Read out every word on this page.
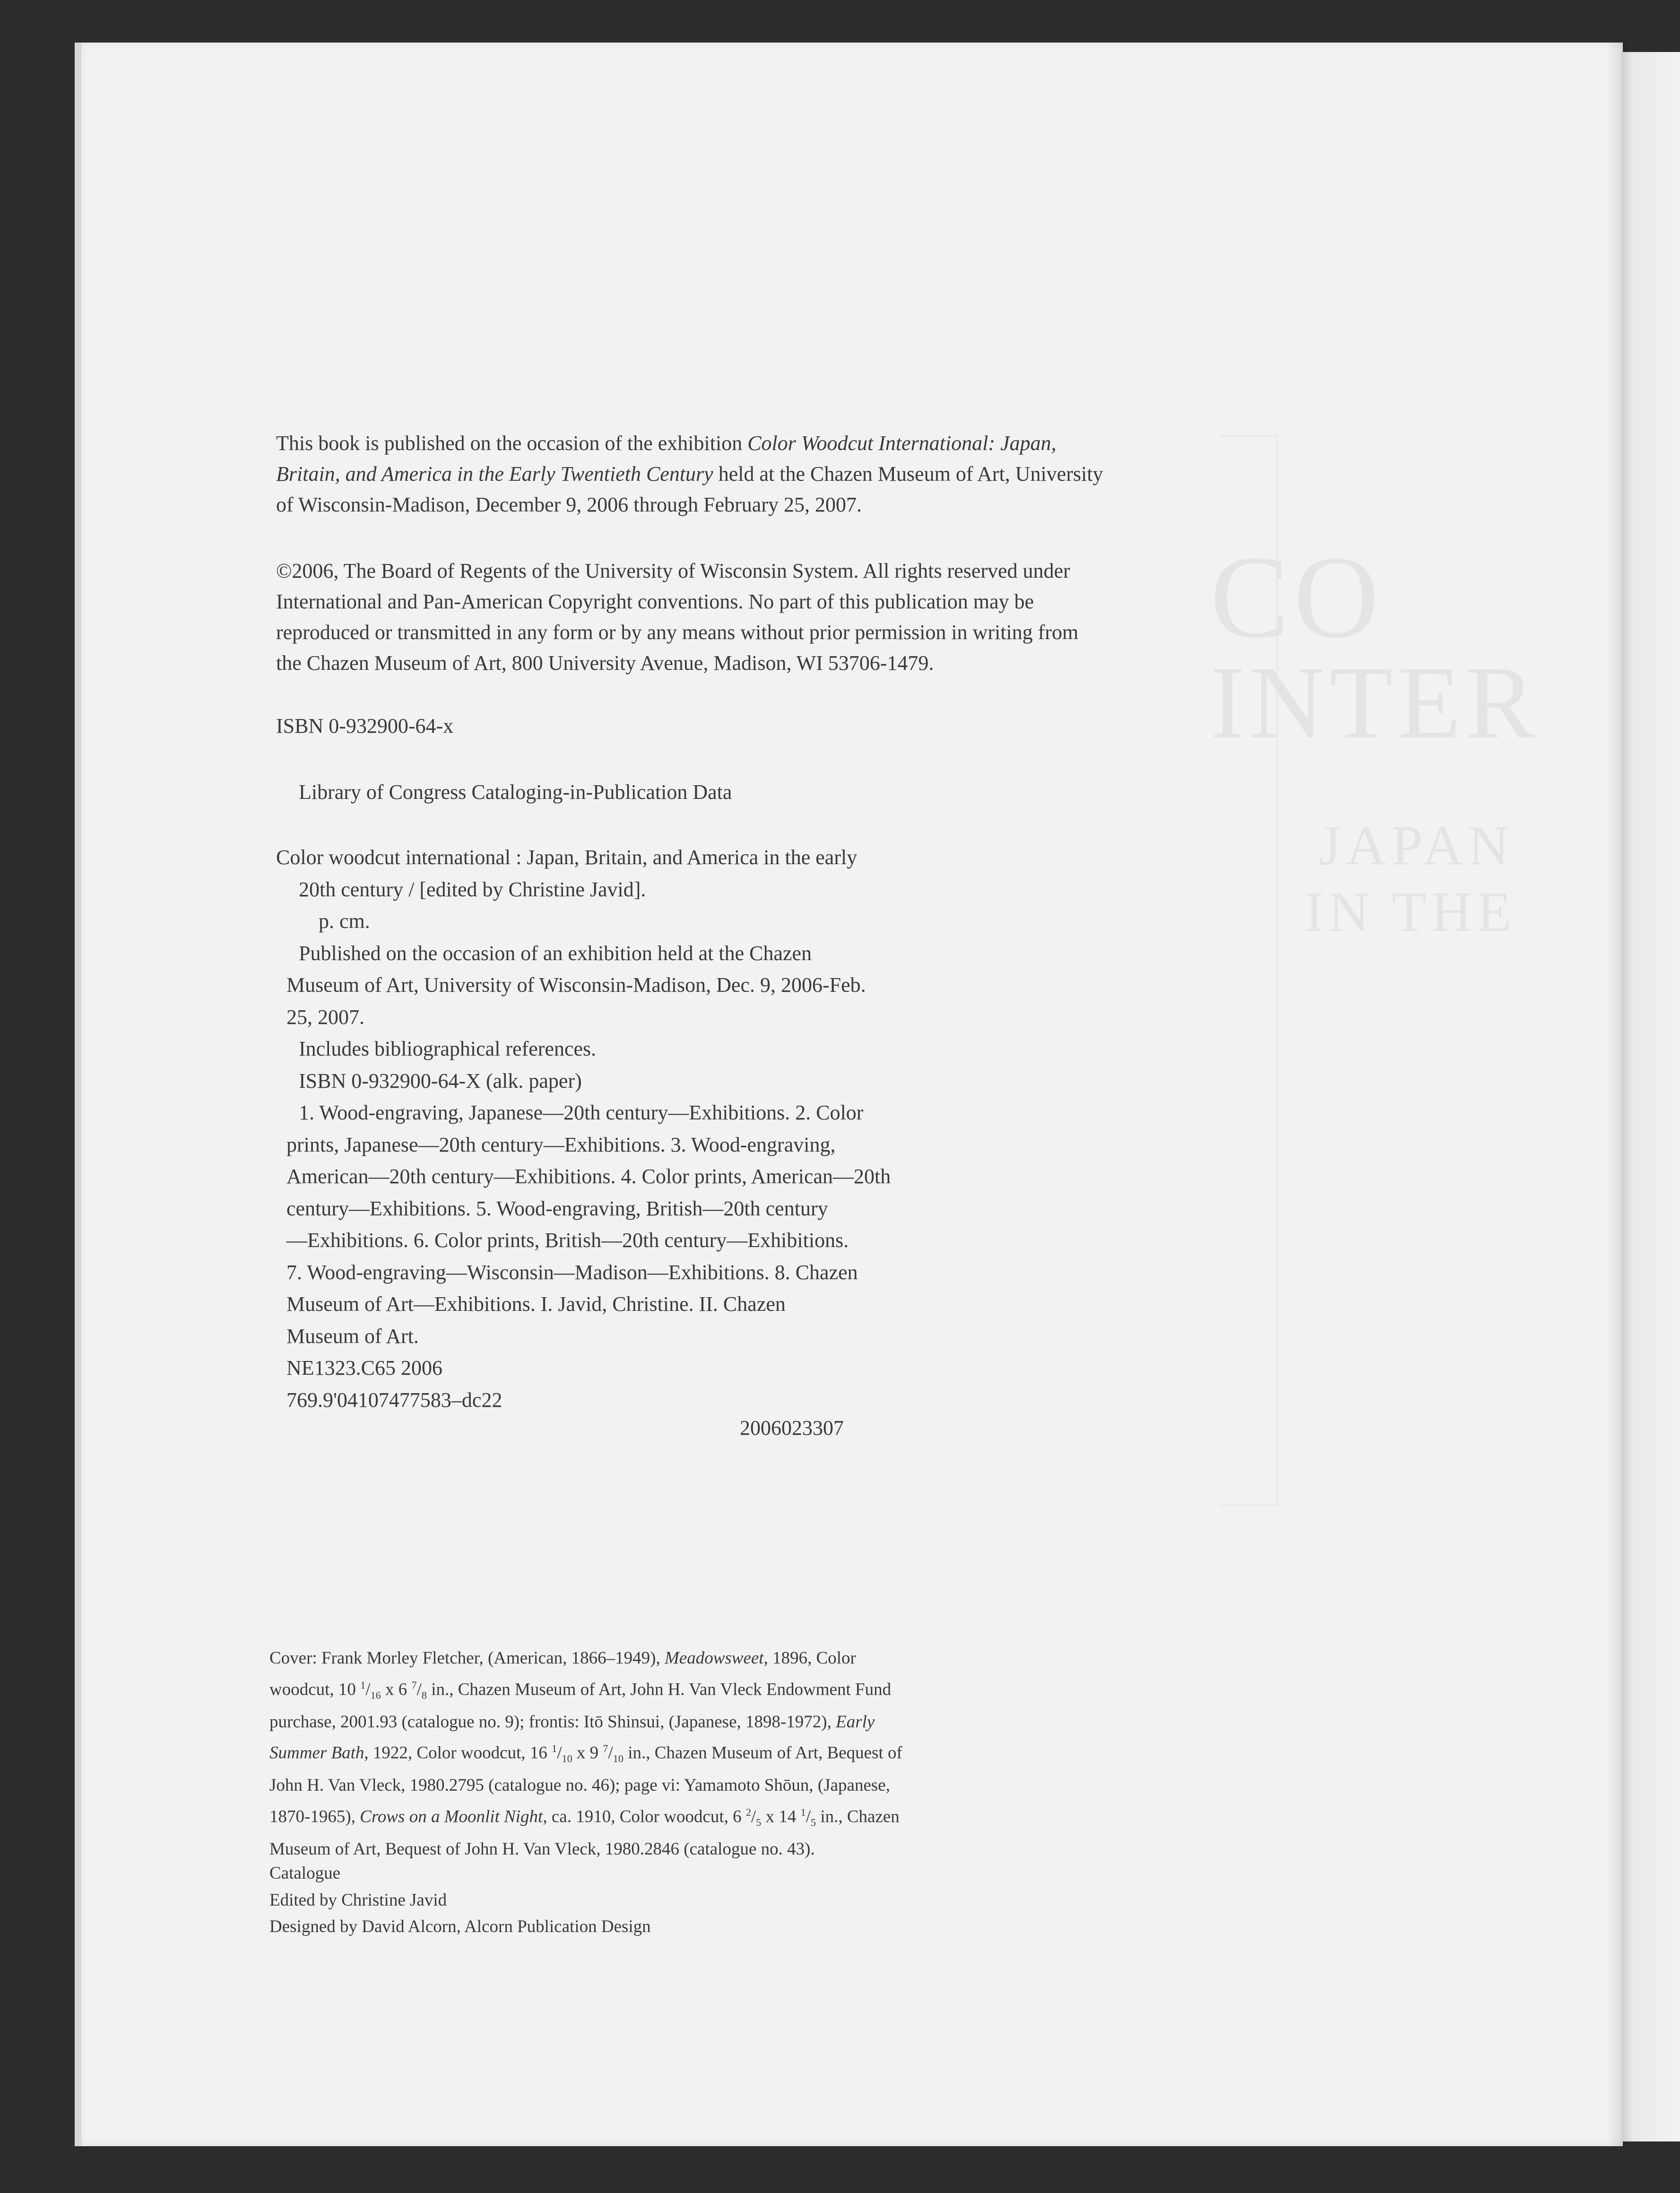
CO
INTER
JAPAN
IN THE
This book is published on the occasion of the exhibition Color Woodcut International: Japan,
Britain, and America in the Early Twentieth Century held at the Chazen Museum of Art, University
of Wisconsin-Madison, December 9, 2006 through February 25, 2007.
©2006, The Board of Regents of the University of Wisconsin System. All rights reserved under
International and Pan-American Copyright conventions. No part of this publication may be
reproduced or transmitted in any form or by any means without prior permission in writing from
the Chazen Museum of Art, 800 University Avenue, Madison, WI 53706-1479.
ISBN 0-932900-64-x
Library of Congress Cataloging-in-Publication Data
Color woodcut international : Japan, Britain, and America in the early
20th century / [edited by Christine Javid].
p. cm.
Published on the occasion of an exhibition held at the Chazen
Museum of Art, University of Wisconsin-Madison, Dec. 9, 2006-Feb.
25, 2007.
Includes bibliographical references.
ISBN 0-932900-64-X (alk. paper)
1. Wood-engraving, Japanese—20th century—Exhibitions. 2. Color
prints, Japanese—20th century—Exhibitions. 3. Wood-engraving,
American—20th century—Exhibitions. 4. Color prints, American—20th
century—Exhibitions. 5. Wood-engraving, British—20th century
—Exhibitions. 6. Color prints, British—20th century—Exhibitions.
7. Wood-engraving—Wisconsin—Madison—Exhibitions. 8. Chazen
Museum of Art—Exhibitions. I. Javid, Christine. II. Chazen
Museum of Art.
NE1323.C65 2006
769.9'04107477583–dc22
2006023307
Cover: Frank Morley Fletcher, (American, 1866–1949), Meadowsweet, 1896, Color
woodcut, 10 $^1/_{16}$ x 6 $^7/_8$ in., Chazen Museum of Art, John H. Van Vleck Endowment Fund
purchase, 2001.93 (catalogue no. 9); frontis: Itō Shinsui, (Japanese, 1898-1972), Early
Summer Bath, 1922, Color woodcut, 16 $^1/_{10}$ x 9 $^7/_{10}$ in., Chazen Museum of Art, Bequest of
John H. Van Vleck, 1980.2795 (catalogue no. 46); page vi: Yamamoto Shōun, (Japanese,
1870-1965), Crows on a Moonlit Night, ca. 1910, Color woodcut, 6 $^2/_5$ x 14 $^1/_5$ in., Chazen
Museum of Art, Bequest of John H. Van Vleck, 1980.2846 (catalogue no. 43).
Catalogue
Edited by Christine Javid
Designed by David Alcorn, Alcorn Publication Design
